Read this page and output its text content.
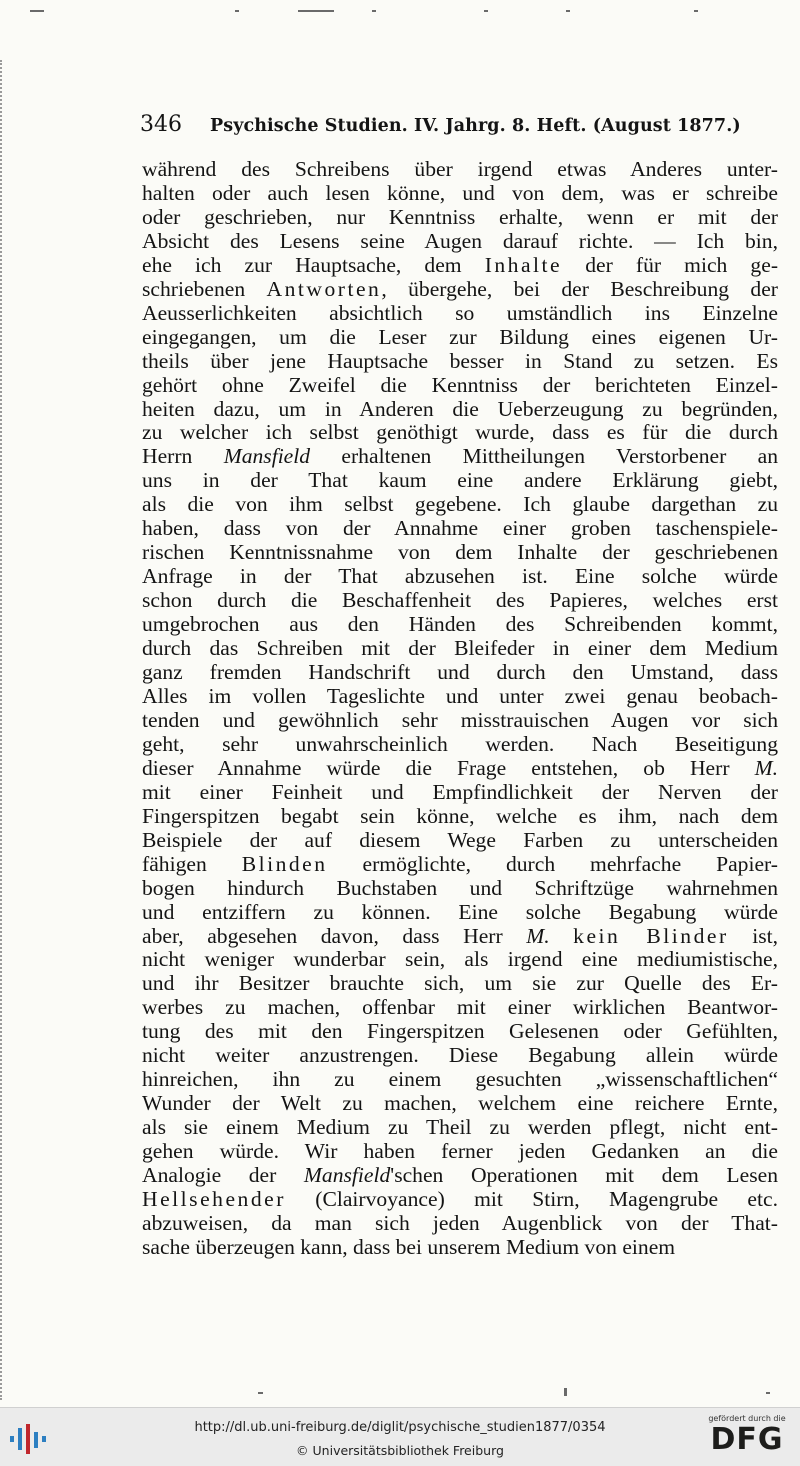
346 Psychische Studien. IV. Jahrg. 8. Heft. (August 1877.)
während des Schreibens über irgend etwas Anderes unter-
halten oder auch lesen könne, und von dem, was er schreibe
oder geschrieben, nur Kenntniss erhalte, wenn er mit der
Absicht des Lesens seine Augen darauf richte. — Ich bin,
ehe ich zur Hauptsache, dem Inhalte der für mich ge-
schriebenen Antworten, übergehe, bei der Beschreibung der
Aeusserlichkeiten absichtlich so umständlich ins Einzelne
eingegangen, um die Leser zur Bildung eines eigenen Ur-
theils über jene Hauptsache besser in Stand zu setzen. Es
gehört ohne Zweifel die Kenntniss der berichteten Einzel-
heiten dazu, um in Anderen die Ueberzeugung zu begründen,
zu welcher ich selbst genöthigt wurde, dass es für die durch
Herrn Mansfield erhaltenen Mittheilungen Verstorbener an
uns in der That kaum eine andere Erklärung giebt,
als die von ihm selbst gegebene. Ich glaube dargethan zu
haben, dass von der Annahme einer groben taschenspiele-
rischen Kenntnissnahme von dem Inhalte der geschriebenen
Anfrage in der That abzusehen ist. Eine solche würde
schon durch die Beschaffenheit des Papieres, welches erst
umgebrochen aus den Händen des Schreibenden kommt,
durch das Schreiben mit der Bleifeder in einer dem Medium
ganz fremden Handschrift und durch den Umstand, dass
Alles im vollen Tageslichte und unter zwei genau beobach-
tenden und gewöhnlich sehr misstrauischen Augen vor sich
geht, sehr unwahrscheinlich werden. Nach Beseitigung
dieser Annahme würde die Frage entstehen, ob Herr M.
mit einer Feinheit und Empfindlichkeit der Nerven der
Fingerspitzen begabt sein könne, welche es ihm, nach dem
Beispiele der auf diesem Wege Farben zu unterscheiden
fähigen Blinden ermöglichte, durch mehrfache Papier-
bogen hindurch Buchstaben und Schriftzüge wahrnehmen
und entziffern zu können. Eine solche Begabung würde
aber, abgesehen davon, dass Herr M. kein Blinder ist,
nicht weniger wunderbar sein, als irgend eine mediumistische,
und ihr Besitzer brauchte sich, um sie zur Quelle des Er-
werbes zu machen, offenbar mit einer wirklichen Beantwor-
tung des mit den Fingerspitzen Gelesenen oder Gefühlten,
nicht weiter anzustrengen. Diese Begabung allein würde
hinreichen, ihn zu einem gesuchten „wissenschaftlichen“
Wunder der Welt zu machen, welchem eine reichere Ernte,
als sie einem Medium zu Theil zu werden pflegt, nicht ent-
gehen würde. Wir haben ferner jeden Gedanken an die
Analogie der Mansfield'schen Operationen mit dem Lesen
Hellsehender (Clairvoyance) mit Stirn, Magengrube etc.
abzuweisen, da man sich jeden Augenblick von der That-
sache überzeugen kann, dass bei unserem Medium von einem
http://dl.ub.uni-freiburg.de/diglit/psychische_studien1877/0354
© Universitätsbibliothek Freiburg
gefördert durch die
DFG
